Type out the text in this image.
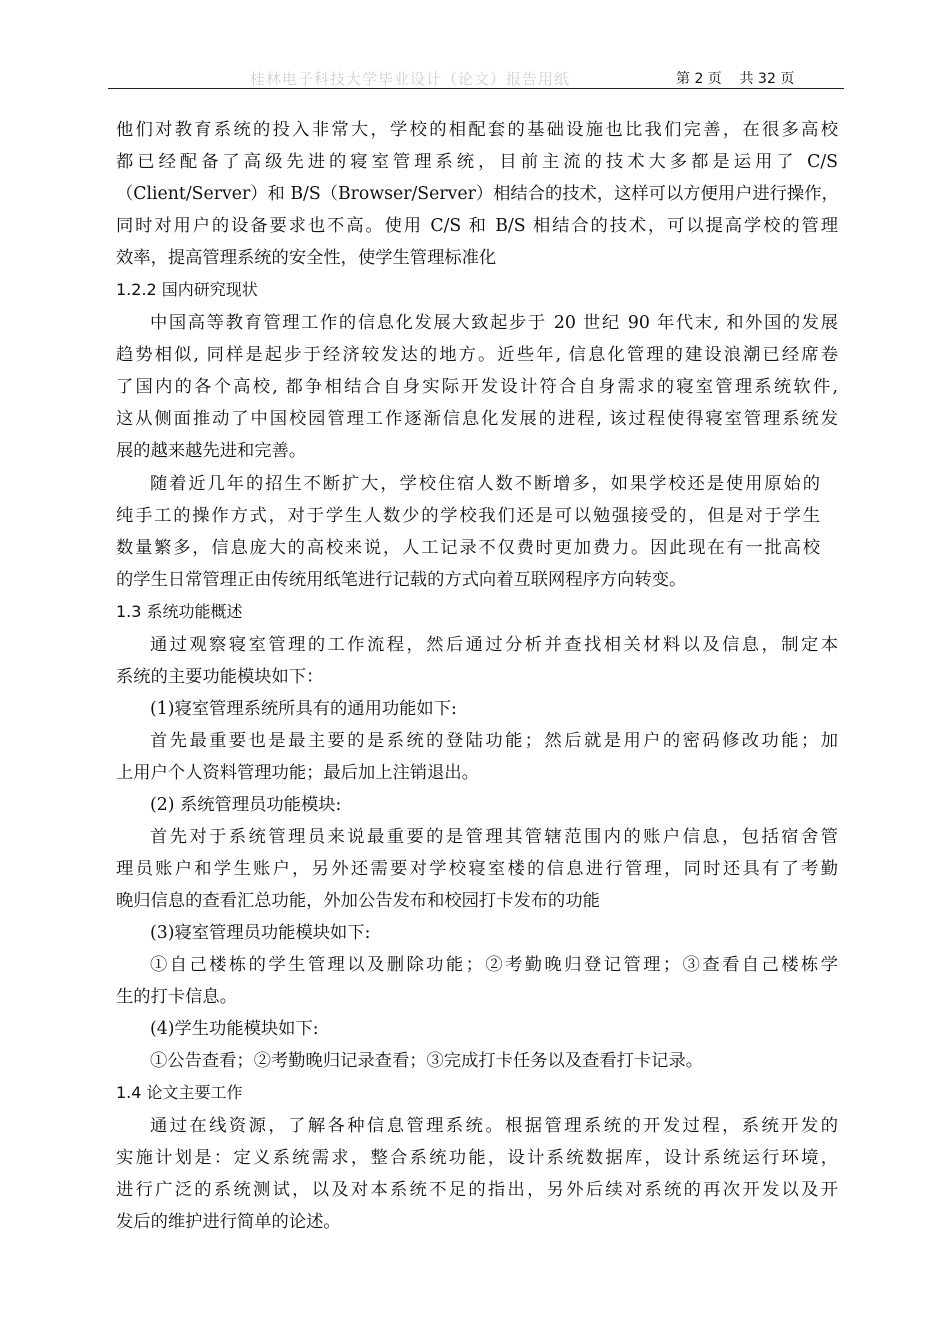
桂林电子科技大学毕业设计（论文）报告用纸	第 2 页    共 32 页
他们对教育系统的投入非常大，学校的相配套的基础设施也比我们完善，在很多高校
都已经配备了高级先进的寝室管理系统，目前主流的技术大多都是运用了 C/S
（Client/Server）和 B/S（Browser/Server）相结合的技术，这样可以方便用户进行操作，
同时对用户的设备要求也不高。使用 C/S 和 B/S 相结合的技术，可以提高学校的管理
效率，提高管理系统的安全性，使学生管理标准化
1.2.2 国内研究现状
中国高等教育管理工作的信息化发展大致起步于 20 世纪 90 年代末, 和外国的发展
趋势相似, 同样是起步于经济较发达的地方。近些年, 信息化管理的建设浪潮已经席卷
了国内的各个高校, 都争相结合自身实际开发设计符合自身需求的寝室管理系统软件,
这从侧面推动了中国校园管理工作逐渐信息化发展的进程, 该过程使得寝室管理系统发
展的越来越先进和完善。
随着近几年的招生不断扩大，学校住宿人数不断增多，如果学校还是使用原始的
纯手工的操作方式，对于学生人数少的学校我们还是可以勉强接受的，但是对于学生
数量繁多，信息庞大的高校来说，人工记录不仅费时更加费力。因此现在有一批高校
的学生日常管理正由传统用纸笔进行记载的方式向着互联网程序方向转变。
1.3 系统功能概述
通过观察寝室管理的工作流程，然后通过分析并查找相关材料以及信息，制定本
系统的主要功能模块如下：
(1)寝室管理系统所具有的通用功能如下:
首先最重要也是最主要的是系统的登陆功能；然后就是用户的密码修改功能；加
上用户个人资料管理功能；最后加上注销退出。
(2) 系统管理员功能模块:
首先对于系统管理员来说最重要的是管理其管辖范围内的账户信息，包括宿舍管
理员账户和学生账户，另外还需要对学校寝室楼的信息进行管理，同时还具有了考勤
晚归信息的查看汇总功能，外加公告发布和校园打卡发布的功能
(3)寝室管理员功能模块如下:
①自己楼栋的学生管理以及删除功能；②考勤晚归登记管理；③查看自己楼栋学
生的打卡信息。
(4)学生功能模块如下:
①公告查看；②考勤晚归记录查看；③完成打卡任务以及查看打卡记录。
1.4 论文主要工作
通过在线资源，了解各种信息管理系统。根据管理系统的开发过程，系统开发的
实施计划是：定义系统需求，整合系统功能，设计系统数据库，设计系统运行环境，
进行广泛的系统测试，以及对本系统不足的指出，另外后续对系统的再次开发以及开
发后的维护进行简单的论述。
